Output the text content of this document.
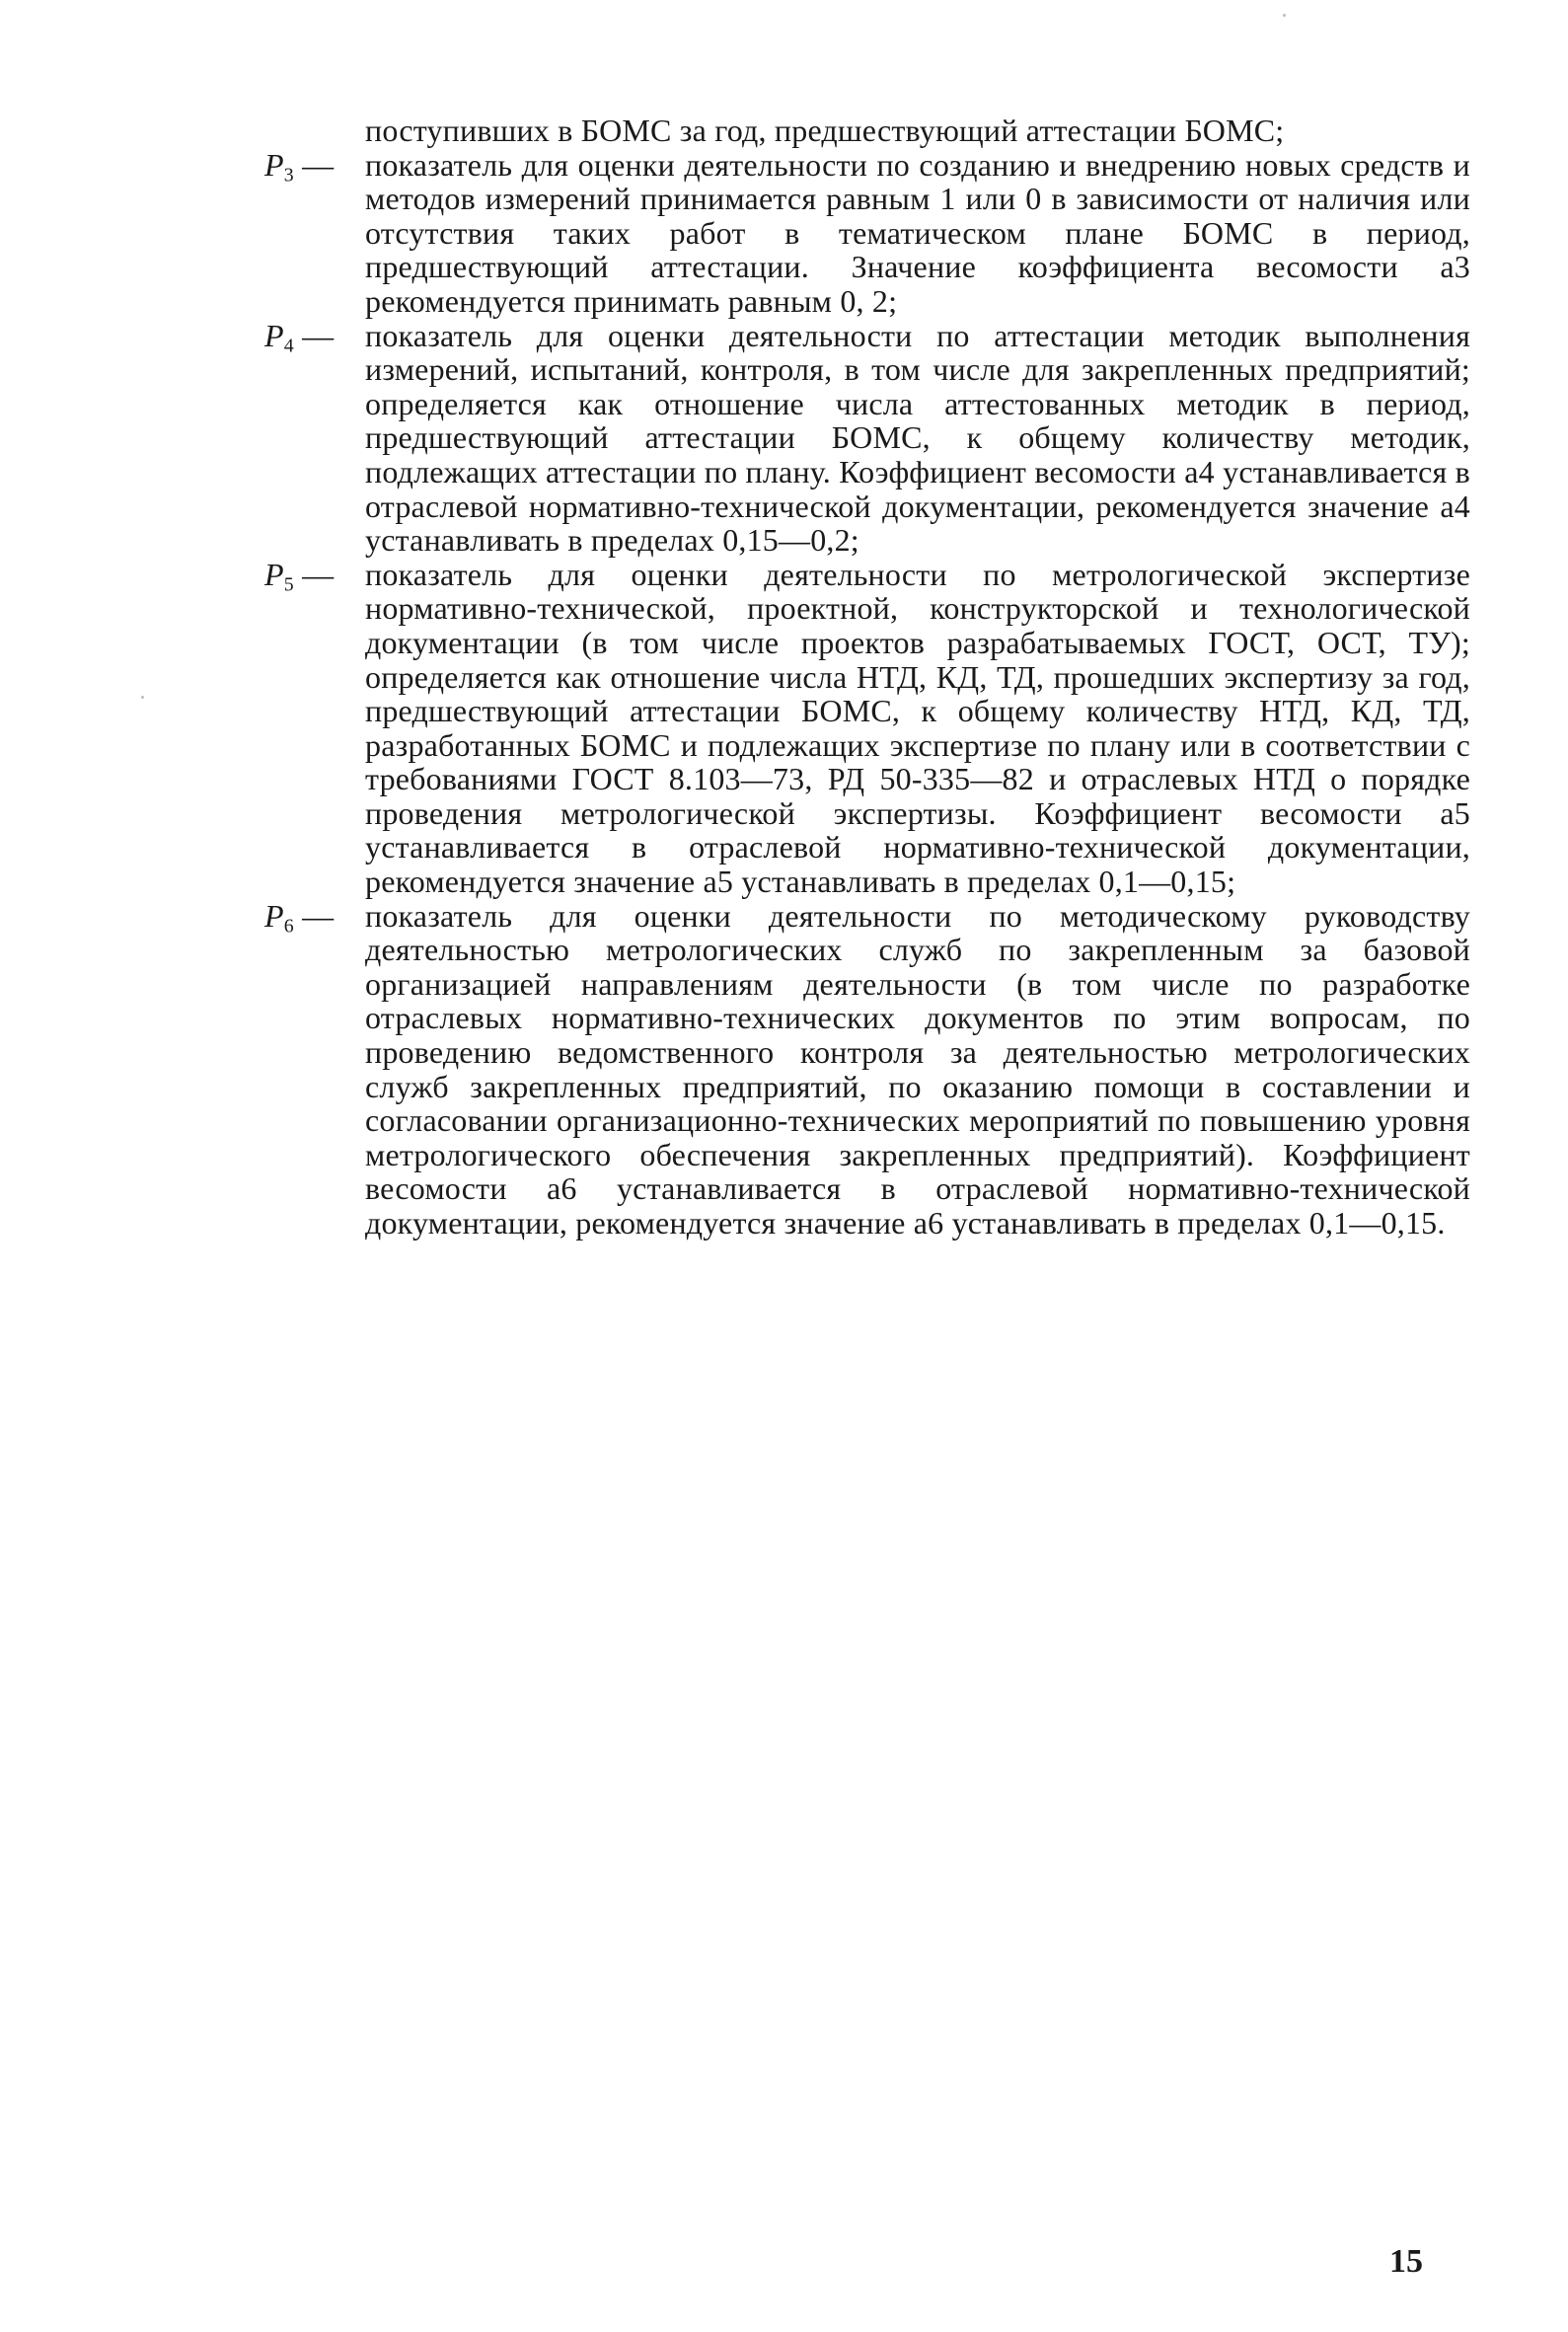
поступивших в БОМС за год, предшествующий аттестации БОМС;
$P_3$ — показатель для оценки деятельности по созданию и внедрению новых средств и методов измерений принимается равным 1 или 0 в зависимости от наличия или отсутствия таких работ в тематическом плане БОМС в период, предшествующий аттестации. Значение коэффициента весомости а3 рекомендуется принимать равным 0, 2;
$P_4$ — показатель для оценки деятельности по аттестации методик выполнения измерений, испытаний, контроля, в том числе для закрепленных предприятий; определяется как отношение числа аттестованных методик в период, предшествующий аттестации БОМС, к общему количеству методик, подлежащих аттестации по плану. Коэффициент весомости а4 устанавливается в отраслевой нормативно-технической документации, рекомендуется значение а4 устанавливать в пределах 0,15—0,2;
$P_5$ — показатель для оценки деятельности по метрологической экспертизе нормативно-технической, проектной, конструкторской и технологической документации (в том числе проектов разрабатываемых ГОСТ, ОСТ, ТУ); определяется как отношение числа НТД, КД, ТД, прошедших экспертизу за год, предшествующий аттестации БОМС, к общему количеству НТД, КД, ТД, разработанных БОМС и подлежащих экспертизе по плану или в соответствии с требованиями ГОСТ 8.103—73, РД 50-335—82 и отраслевых НТД о порядке проведения метрологической экспертизы. Коэффициент весомости а5 устанавливается в отраслевой нормативно-технической документации, рекомендуется значение а5 устанавливать в пределах 0,1—0,15;
$P_6$ — показатель для оценки деятельности по методическому руководству деятельностью метрологических служб по закрепленным за базовой организацией направлениям деятельности (в том числе по разработке отраслевых нормативно-технических документов по этим вопросам, по проведению ведомственного контроля за деятельностью метрологических служб закрепленных предприятий, по оказанию помощи в составлении и согласовании организационно-технических мероприятий по повышению уровня метрологического обеспечения закрепленных предприятий). Коэффициент весомости а6 устанавливается в отраслевой нормативно-технической документации, рекомендуется значение а6 устанавливать в пределах 0,1—0,15.
15
